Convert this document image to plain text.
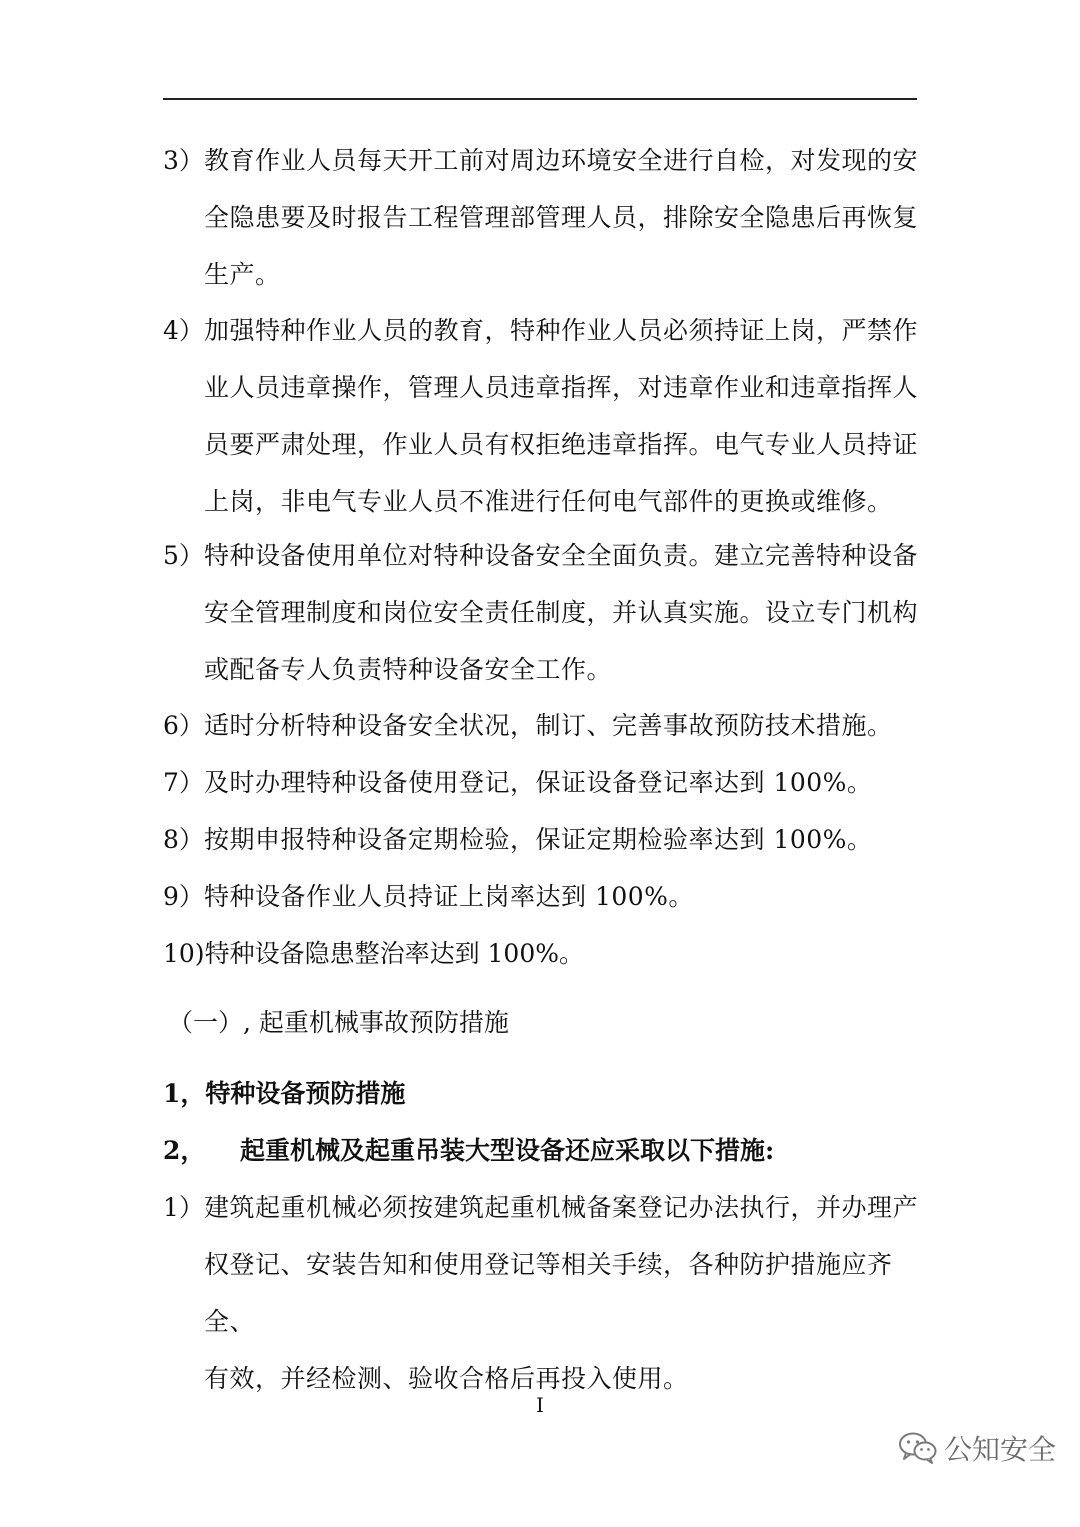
3） 教育作业人员每天开工前对周边环境安全进行自检，对发现的安
全隐患要及时报告工程管理部管理人员，排除安全隐患后再恢复
生产。
4） 加强特种作业人员的教育，特种作业人员必须持证上岗，严禁作
业人员违章操作，管理人员违章指挥，对违章作业和违章指挥人
员要严肃处理，作业人员有权拒绝违章指挥。电气专业人员持证
上岗，非电气专业人员不准进行任何电气部件的更换或维修。
5） 特种设备使用单位对特种设备安全全面负责。建立完善特种设备
安全管理制度和岗位安全责任制度，并认真实施。设立专门机构
或配备专人负责特种设备安全工作。
6） 适时分析特种设备安全状况，制订、完善事故预防技术措施。
7） 及时办理特种设备使用登记，保证设备登记率达到 100%。
8） 按期申报特种设备定期检验，保证定期检验率达到 100%。
9） 特种设备作业人员持证上岗率达到 100%。
10)特种设备隐患整治率达到 100%。
（一）, 起重机械事故预防措施
1，特种设备预防措施
2， 起重机械及起重吊装大型设备还应采取以下措施:
1） 建筑起重机械必须按建筑起重机械备案登记办法执行，并办理产
权登记、安装告知和使用登记等相关手续，各种防护措施应齐全、
有效，并经检测、验收合格后再投入使用。
I
公知安全
